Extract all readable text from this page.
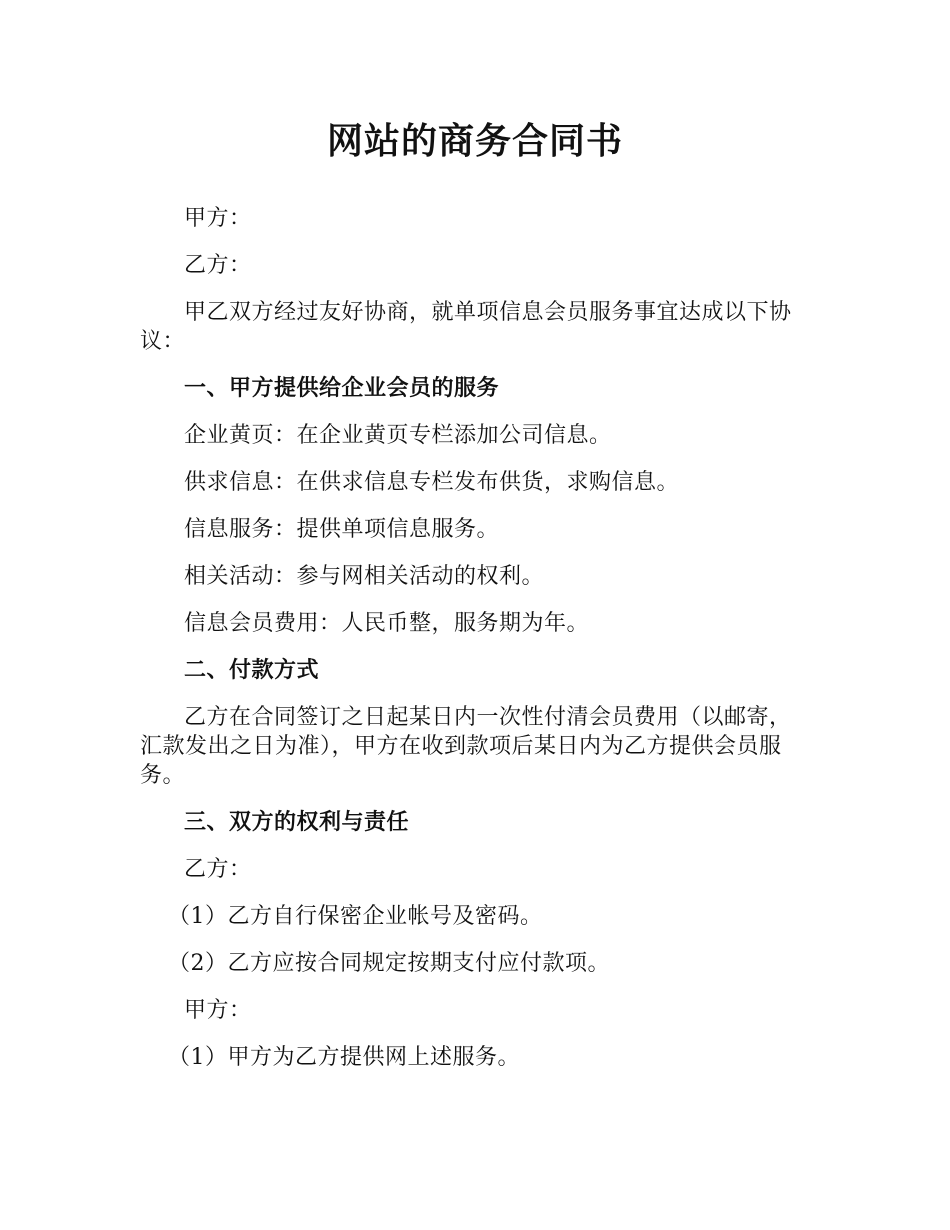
网站的商务合同书

甲方：

乙方：

甲乙双方经过友好协商，就单项信息会员服务事宜达成以下协议：

一、甲方提供给企业会员的服务

企业黄页：在企业黄页专栏添加公司信息。

供求信息：在供求信息专栏发布供货，求购信息。

信息服务：提供单项信息服务。

相关活动：参与网相关活动的权利。

信息会员费用：人民币整，服务期为年。

二、付款方式

乙方在合同签订之日起某日内一次性付清会员费用（以邮寄，汇款发出之日为准），甲方在收到款项后某日内为乙方提供会员服务。

三、双方的权利与责任

乙方：

（1）乙方自行保密企业帐号及密码。

（2）乙方应按合同规定按期支付应付款项。

甲方：

（1）甲方为乙方提供网上述服务。
